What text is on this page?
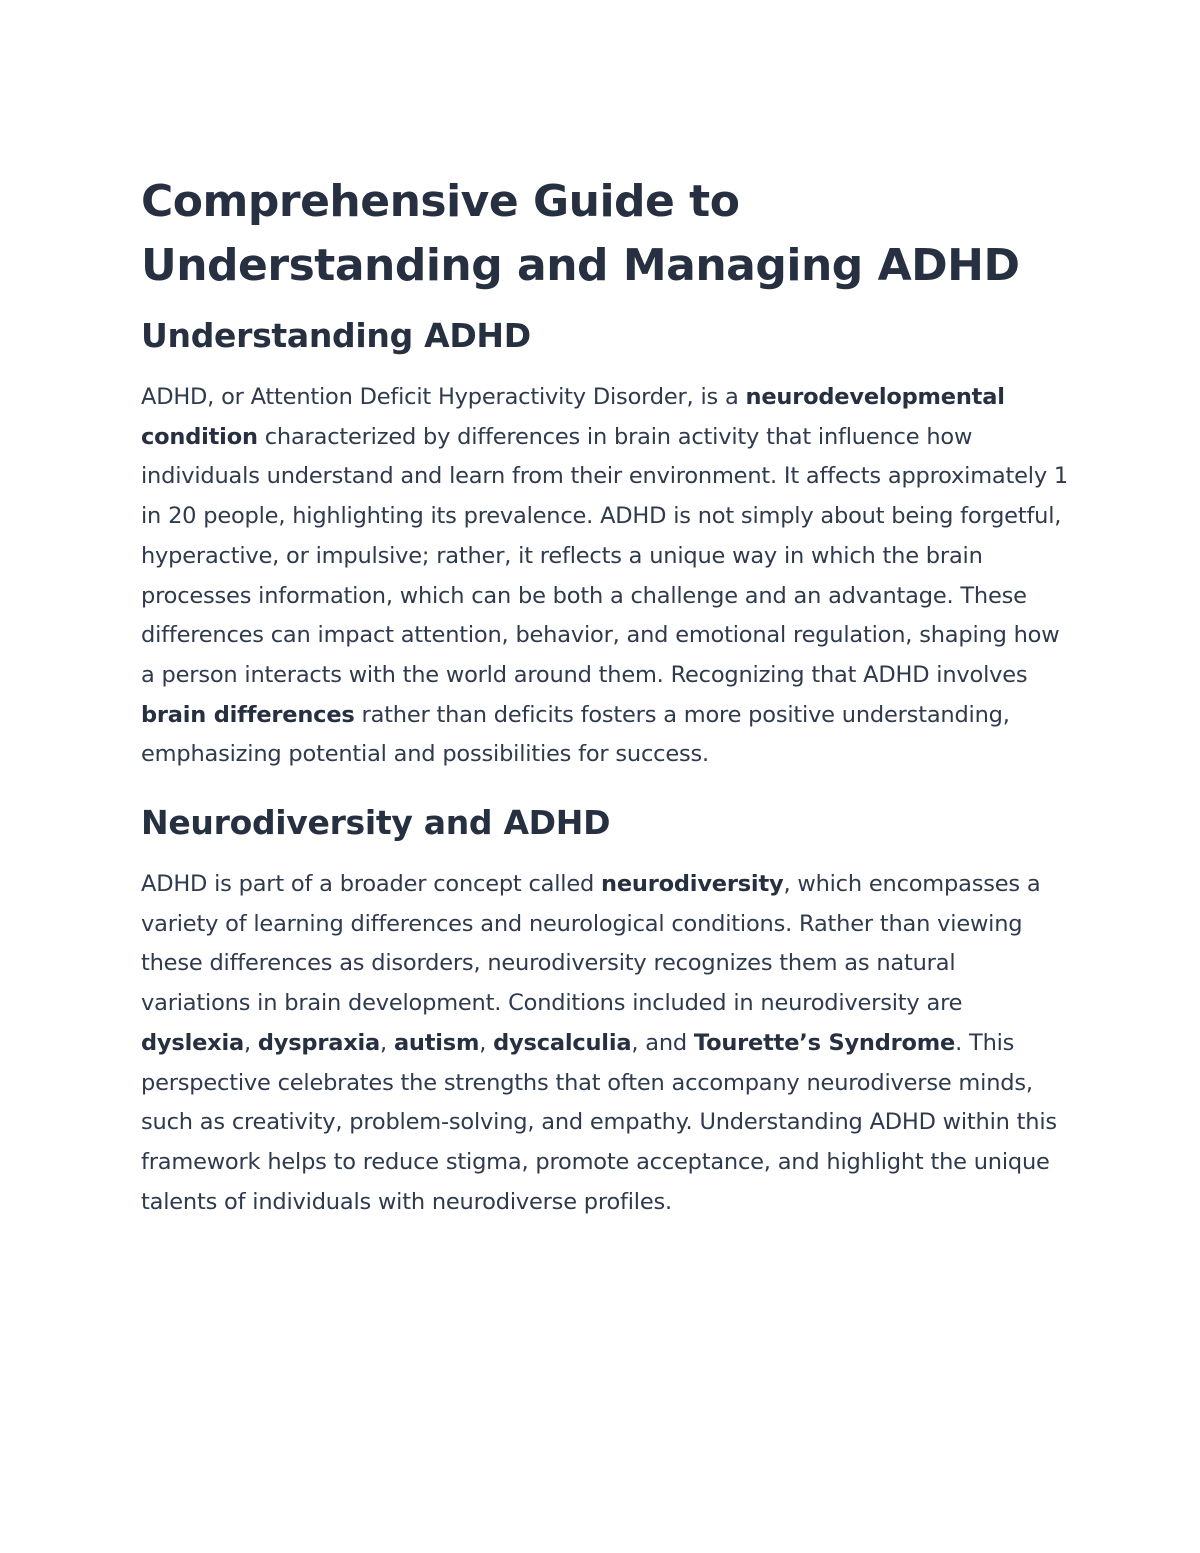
Comprehensive Guide to Understanding and Managing ADHD
Understanding ADHD

ADHD, or Attention Deficit Hyperactivity Disorder, is a neurodevelopmental condition characterized by differences in brain activity that influence how individuals understand and learn from their environment. It affects approximately 1 in 20 people, highlighting its prevalence. ADHD is not simply about being forgetful, hyperactive, or impulsive; rather, it reflects a unique way in which the brain processes information, which can be both a challenge and an advantage. These differences can impact attention, behavior, and emotional regulation, shaping how a person interacts with the world around them. Recognizing that ADHD involves brain differences rather than deficits fosters a more positive understanding, emphasizing potential and possibilities for success.

Neurodiversity and ADHD

ADHD is part of a broader concept called neurodiversity, which encompasses a variety of learning differences and neurological conditions. Rather than viewing these differences as disorders, neurodiversity recognizes them as natural variations in brain development. Conditions included in neurodiversity are dyslexia, dyspraxia, autism, dyscalculia, and Tourette’s Syndrome. This perspective celebrates the strengths that often accompany neurodiverse minds, such as creativity, problem-solving, and empathy. Understanding ADHD within this framework helps to reduce stigma, promote acceptance, and highlight the unique talents of individuals with neurodiverse profiles.
